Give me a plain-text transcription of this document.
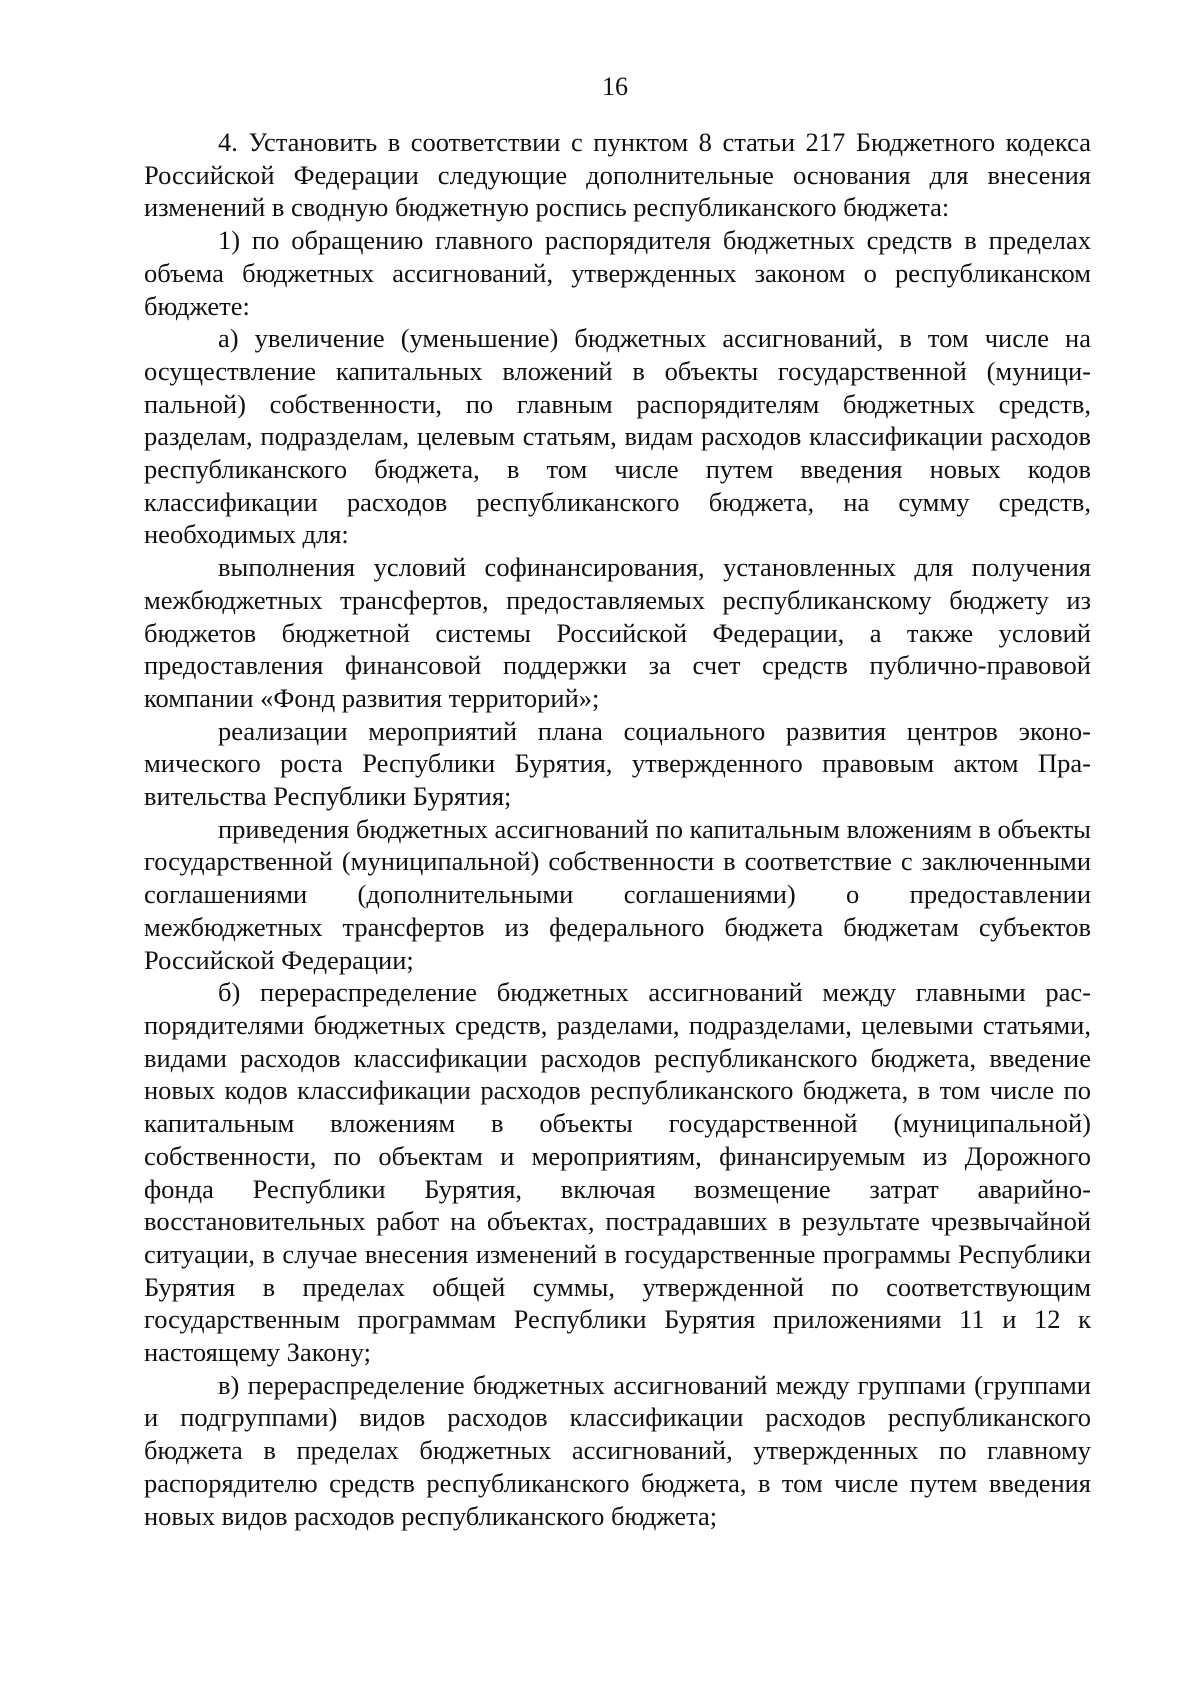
16

4. Установить в соответствии с пунктом 8 статьи 217 Бюджетного кодекса Российской Федерации следующие дополнительные основания для внесения изменений в сводную бюджетную роспись республиканского бюджета:

1) по обращению главного распорядителя бюджетных средств в пределах объема бюджетных ассигнований, утвержденных законом о республиканском бюджете:

а) увеличение (уменьшение) бюджетных ассигнований, в том числе на осуществление капитальных вложений в объекты государственной (муниципальной) собственности, по главным распорядителям бюджетных средств, разделам, подразделам, целевым статьям, видам расходов классификации расходов республиканского бюджета, в том числе путем введения новых кодов классификации расходов республиканского бюджета, на сумму средств, необходимых для:

выполнения условий софинансирования, установленных для получения межбюджетных трансфертов, предоставляемых республиканскому бюджету из бюджетов бюджетной системы Российской Федерации, а также условий предоставления финансовой поддержки за счет средств публично-правовой компании «Фонд развития территорий»;

реализации мероприятий плана социального развития центров экономического роста Республики Бурятия, утвержденного правовым актом Правительства Республики Бурятия;

приведения бюджетных ассигнований по капитальным вложениям в объекты государственной (муниципальной) собственности в соответствие с заключенными соглашениями (дополнительными соглашениями) о предоставлении межбюджетных трансфертов из федерального бюджета бюджетам субъектов Российской Федерации;

б) перераспределение бюджетных ассигнований между главными распорядителями бюджетных средств, разделами, подразделами, целевыми статьями, видами расходов классификации расходов республиканского бюджета, введение новых кодов классификации расходов республиканского бюджета, в том числе по капитальным вложениям в объекты государственной (муниципальной) собственности, по объектам и мероприятиям, финансируемым из Дорожного фонда Республики Бурятия, включая возмещение затрат аварийно-восстановительных работ на объектах, пострадавших в результате чрезвычайной ситуации, в случае внесения изменений в государственные программы Республики Бурятия в пределах общей суммы, утвержденной по соответствующим государственным программам Республики Бурятия приложениями 11 и 12 к настоящему Закону;

в) перераспределение бюджетных ассигнований между группами (группами и подгруппами) видов расходов классификации расходов республиканского бюджета в пределах бюджетных ассигнований, утвержденных по главному распорядителю средств республиканского бюджета, в том числе путем введения новых видов расходов республиканского бюджета;
